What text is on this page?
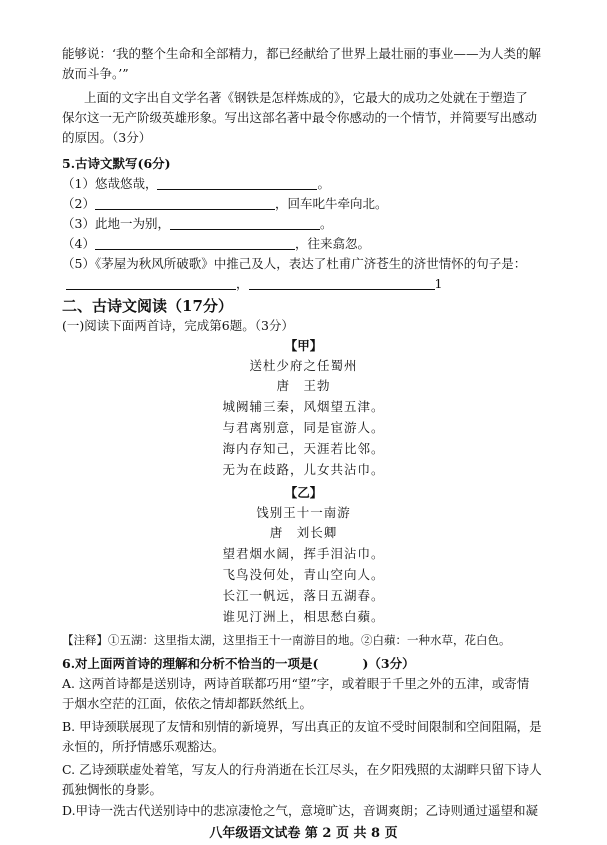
能够说：‘我的整个生命和全部精力，都已经献给了世界上最壮丽的事业——为人类的解
放而斗争。’”
上面的文字出自文学名著《钢铁是怎样炼成的》，它最大的成功之处就在于塑造了
保尔这一无产阶级英雄形象。写出这部名著中最令你感动的一个情节，并简要写出感动
的原因。（3分）
5.古诗文默写(6分)
（1）悠哉悠哉，	。
（2）	，回车叱牛牵向北。
（3）此地一为别，	。
（4）	，往来翕忽。
（5）《茅屋为秋风所破歌》中推己及人，表达了杜甫广济苍生的济世情怀的句子是：
，	1
二、古诗文阅读（17分）
(一)阅读下面两首诗，完成第6题。（3分）
【甲】
送杜少府之任蜀州
唐　王勃
城阙辅三秦，风烟望五津。
与君离别意，同是宦游人。
海内存知己，天涯若比邻。
无为在歧路，儿女共沾巾。
【乙】
饯别王十一南游
唐　刘长卿
望君烟水阔，挥手泪沾巾。
飞鸟没何处，青山空向人。
长江一帆远，落日五湖春。
谁见汀洲上，相思愁白蘋。
【注释】①五湖：这里指太湖，这里指王十一南游目的地。②白蘋：一种水草，花白色。
6.对上面两首诗的理解和分析不恰当的一项是(	)（3分）
A. 这两首诗都是送别诗，两诗首联都巧用“望”字，或着眼于千里之外的五津，或寄情
于烟水空茫的江面，依依之情却都跃然纸上。
B. 甲诗颈联展现了友情和别情的新境界，写出真正的友谊不受时间限制和空间阻隔，是
永恒的，所抒情感乐观豁达。
C. 乙诗颈联虚处着笔，写友人的行舟消逝在长江尽头，在夕阳残照的太湖畔只留下诗人
孤独惆怅的身影。
D.甲诗一洗古代送别诗中的悲凉凄怆之气，意境旷达，音调爽朗；乙诗则通过遥望和凝
八年级语文试卷 第 2 页 共 8 页
